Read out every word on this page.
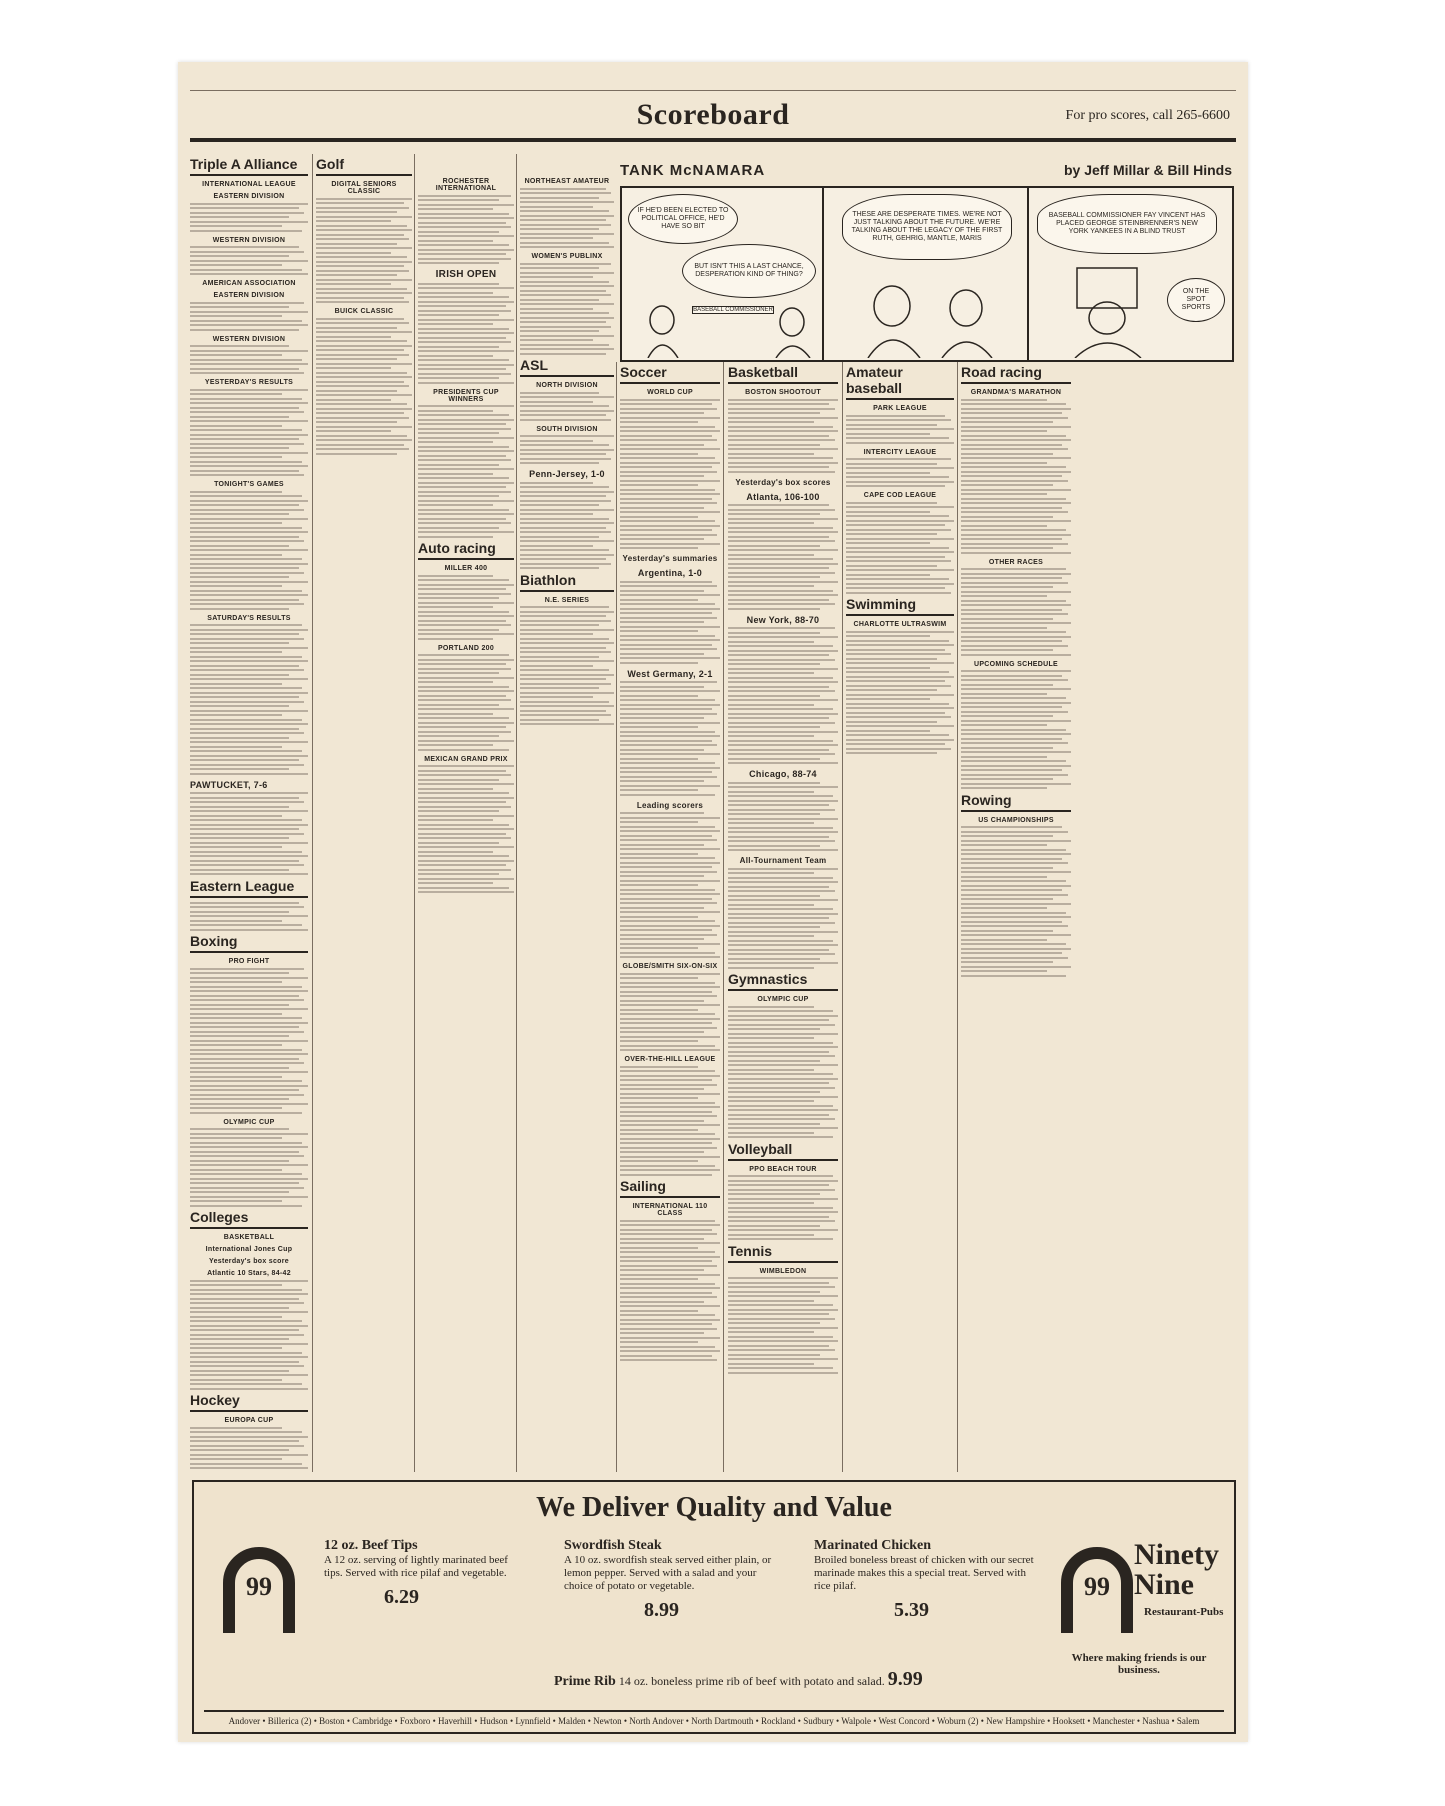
Scoreboard	For pro scores, call 265-6600
Triple A Alliance
INTERNATIONAL LEAGUE
EASTERN DIVISION
WESTERN DIVISION
AMERICAN ASSOCIATION
EASTERN DIVISION
WESTERN DIVISION
YESTERDAY'S RESULTS
TONIGHT'S GAMES
SATURDAY'S RESULTS
PAWTUCKET, 7-6
Eastern League
Boxing
PRO FIGHT
OLYMPIC CUP
Colleges
BASKETBALL
International Jones Cup
Yesterday's box score
Atlantic 10 Stars, 84-42
Hockey
EUROPA CUP
Golf
DIGITAL SENIORS CLASSIC
BUICK CLASSIC
ROCHESTER INTERNATIONAL
IRISH OPEN
PRESIDENTS CUP WINNERS
Auto racing
MILLER 400
PORTLAND 200
MEXICAN GRAND PRIX
NORTHEAST AMATEUR
WOMEN'S PUBLINX
ASL
NORTH DIVISION
SOUTH DIVISION
Penn-Jersey, 1-0
Biathlon
N.E. SERIES
TANK McNAMARA	by Jeff Millar & Bill Hinds
IF HE'D BEEN ELECTED TO POLITICAL OFFICE, HE'D HAVE SO BIT
BUT ISN'T THIS A LAST CHANCE, DESPERATION KIND OF THING?
BASEBALL COMMISSIONER
THESE ARE DESPERATE TIMES. WE'RE NOT JUST TALKING ABOUT THE FUTURE. WE'RE TALKING ABOUT THE LEGACY OF THE FIRST RUTH, GEHRIG, MANTLE, MARIS
BASEBALL COMMISSIONER FAY VINCENT HAS PLACED GEORGE STEINBRENNER'S NEW YORK YANKEES IN A BLIND TRUST
ON THE SPOT SPORTS
Soccer
WORLD CUP
Yesterday's summaries
Argentina, 1-0
West Germany, 2-1
Leading scorers
GLOBE/SMITH SIX-ON-SIX
OVER-THE-HILL LEAGUE
Sailing
INTERNATIONAL 110 CLASS
Basketball
BOSTON SHOOTOUT
Yesterday's box scores
Atlanta, 106-100
New York, 88-70
Chicago, 88-74
All-Tournament Team
Gymnastics
OLYMPIC CUP
Volleyball
PPO BEACH TOUR
Tennis
WIMBLEDON
Amateur baseball
PARK LEAGUE
INTERCITY LEAGUE
CAPE COD LEAGUE
Swimming
CHARLOTTE ULTRASWIM
Road racing
GRANDMA'S MARATHON
OTHER RACES
UPCOMING SCHEDULE
Rowing
US CHAMPIONSHIPS
We Deliver Quality and Value
99
12 oz. Beef Tips
A 12 oz. serving of lightly marinated beef tips. Served with rice pilaf and vegetable.
6.29
Swordfish Steak
A 10 oz. swordfish steak served either plain, or lemon pepper. Served with a salad and your choice of potato or vegetable.
8.99
Marinated Chicken
Broiled boneless breast of chicken with our secret marinade makes this a special treat. Served with rice pilaf.
5.39
Prime Rib 14 oz. boneless prime rib of beef with potato and salad. 9.99
99
Ninety
Nine
Restaurant-Pubs
Where making friends is our business.
Andover • Billerica (2) • Boston • Cambridge • Foxboro • Haverhill • Hudson • Lynnfield • Malden • Newton • North Andover • North Dartmouth • Rockland • Sudbury • Walpole • West Concord • Woburn (2) • New Hampshire • Hooksett • Manchester • Nashua • Salem
